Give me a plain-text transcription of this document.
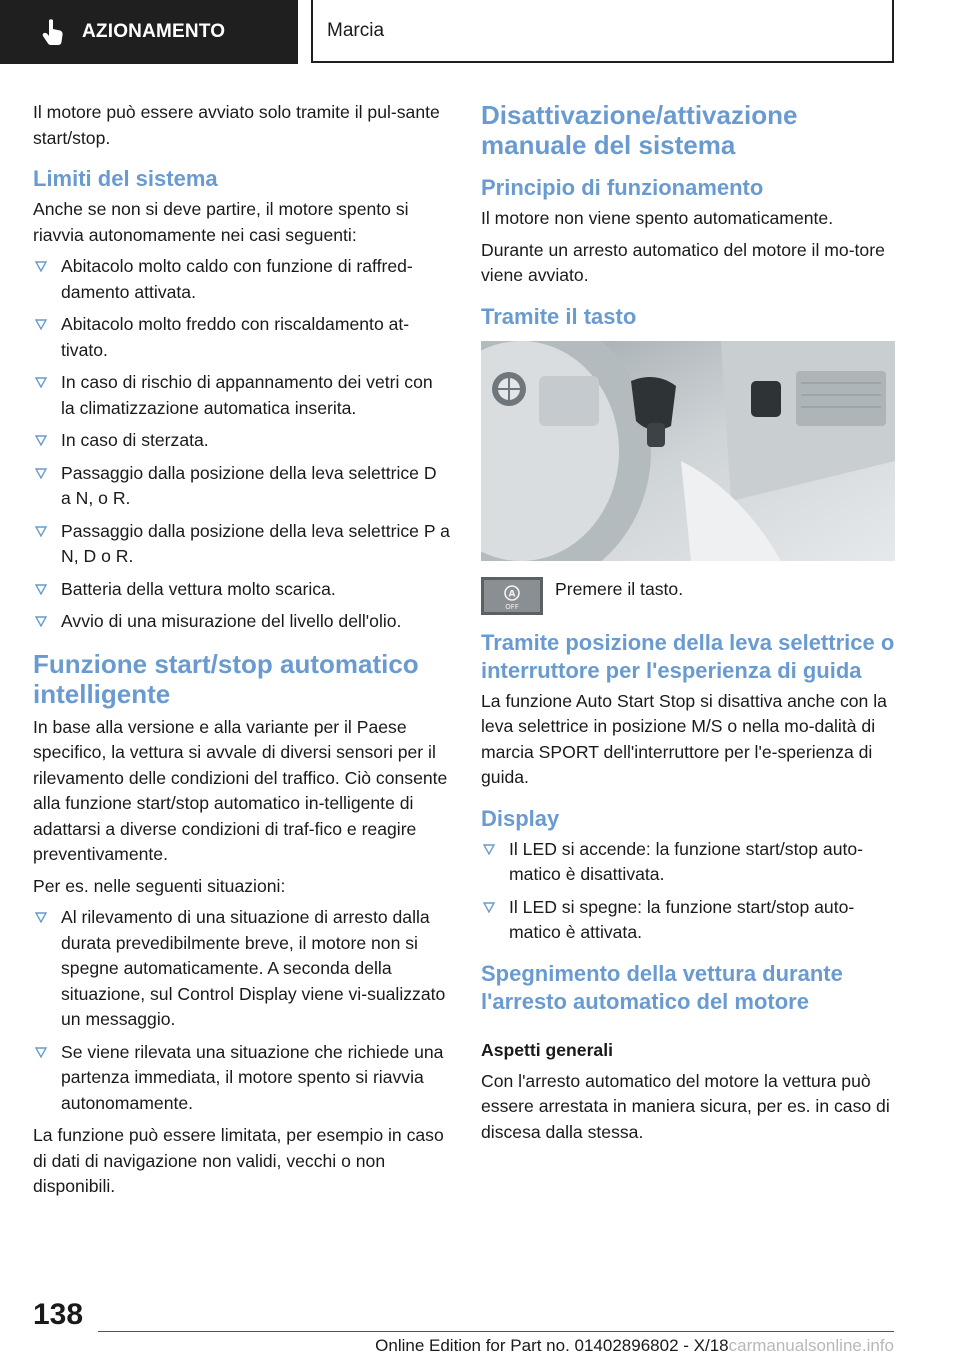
AZIONAMENTO	Marcia

Il motore può essere avviato solo tramite il pul-sante start/stop.

Limiti del sistema

Anche se non si deve partire, il motore spento si riavvia autonomamente nei casi seguenti:

Abitacolo molto caldo con funzione di raffred-damento attivata.
Abitacolo molto freddo con riscaldamento at-tivato.
In caso di rischio di appannamento dei vetri con la climatizzazione automatica inserita.
In caso di sterzata.
Passaggio dalla posizione della leva selettrice D a N, o R.
Passaggio dalla posizione della leva selettrice P a N, D o R.
Batteria della vettura molto scarica.
Avvio di una misurazione del livello dell'olio.
Funzione start/stop automatico intelligente

In base alla versione e alla variante per il Paese specifico, la vettura si avvale di diversi sensori per il rilevamento delle condizioni del traffico. Ciò consente alla funzione start/stop automatico in-telligente di adattarsi a diverse condizioni di traf-fico e reagire preventivamente.

Per es. nelle seguenti situazioni:

Al rilevamento di una situazione di arresto dalla durata prevedibilmente breve, il motore non si spegne automaticamente. A seconda della situazione, sul Control Display viene vi-sualizzato un messaggio.
Se viene rilevata una situazione che richiede una partenza immediata, il motore spento si riavvia autonomamente.

La funzione può essere limitata, per esempio in caso di dati di navigazione non validi, vecchi o non disponibili.

Disattivazione/attivazione manuale del sistema
Principio di funzionamento

Il motore non viene spento automaticamente.

Durante un arresto automatico del motore il mo-tore viene avviato.

Tramite il tasto
A
OFF
Premere il tasto.
Tramite posizione della leva selettrice o interruttore per l'esperienza di guida

La funzione Auto Start Stop si disattiva anche con la leva selettrice in posizione M/S o nella mo-dalità di marcia SPORT dell'interruttore per l'e-sperienza di guida.

Display
Il LED si accende: la funzione start/stop auto-matico è disattivata.
Il LED si spegne: la funzione start/stop auto-matico è attivata.
Spegnimento della vettura durante l'arresto automatico del motore
Aspetti generali

Con l'arresto automatico del motore la vettura può essere arrestata in maniera sicura, per es. in caso di discesa dalla stessa.

138
Online Edition for Part no. 01402896802 - X/18carmanualsonline.info
